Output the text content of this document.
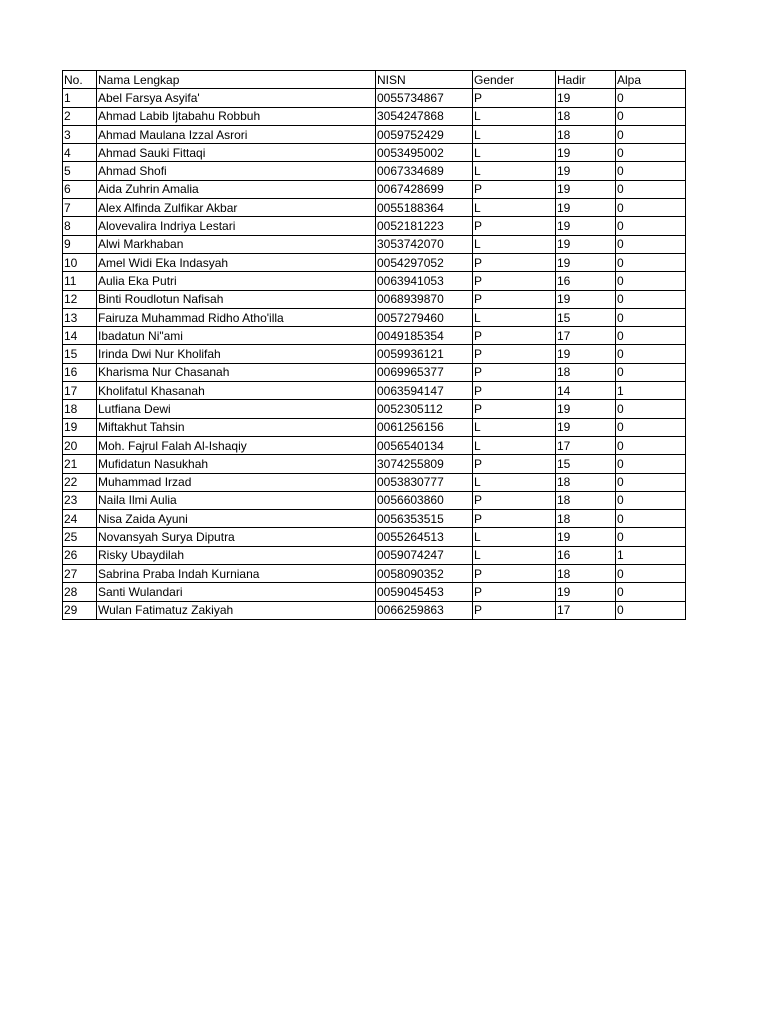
No.	Nama Lengkap	NISN	Gender	Hadir	Alpa
1	Abel Farsya Asyifa'	0055734867	P	19	0
2	Ahmad Labib Ijtabahu Robbuh	3054247868	L	18	0
3	Ahmad Maulana Izzal Asrori	0059752429	L	18	0
4	Ahmad Sauki Fittaqi	0053495002	L	19	0
5	Ahmad Shofi	0067334689	L	19	0
6	Aida Zuhrin Amalia	0067428699	P	19	0
7	Alex Alfinda Zulfikar Akbar	0055188364	L	19	0
8	Alovevalira Indriya Lestari	0052181223	P	19	0
9	Alwi Markhaban	3053742070	L	19	0
10	Amel Widi Eka Indasyah	0054297052	P	19	0
11	Aulia Eka Putri	0063941053	P	16	0
12	Binti Roudlotun Nafisah	0068939870	P	19	0
13	Fairuza Muhammad Ridho Atho'illa	0057279460	L	15	0
14	Ibadatun Ni"ami	0049185354	P	17	0
15	Irinda Dwi Nur Kholifah	0059936121	P	19	0
16	Kharisma Nur Chasanah	0069965377	P	18	0
17	Kholifatul Khasanah	0063594147	P	14	1
18	Lutfiana Dewi	0052305112	P	19	0
19	Miftakhut Tahsin	0061256156	L	19	0
20	Moh. Fajrul Falah Al-Ishaqiy	0056540134	L	17	0
21	Mufidatun Nasukhah	3074255809	P	15	0
22	Muhammad Irzad	0053830777	L	18	0
23	Naila Ilmi Aulia	0056603860	P	18	0
24	Nisa Zaida Ayuni	0056353515	P	18	0
25	Novansyah Surya Diputra	0055264513	L	19	0
26	Risky Ubaydilah	0059074247	L	16	1
27	Sabrina Praba Indah Kurniana	0058090352	P	18	0
28	Santi Wulandari	0059045453	P	19	0
29	Wulan Fatimatuz Zakiyah	0066259863	P	17	0
